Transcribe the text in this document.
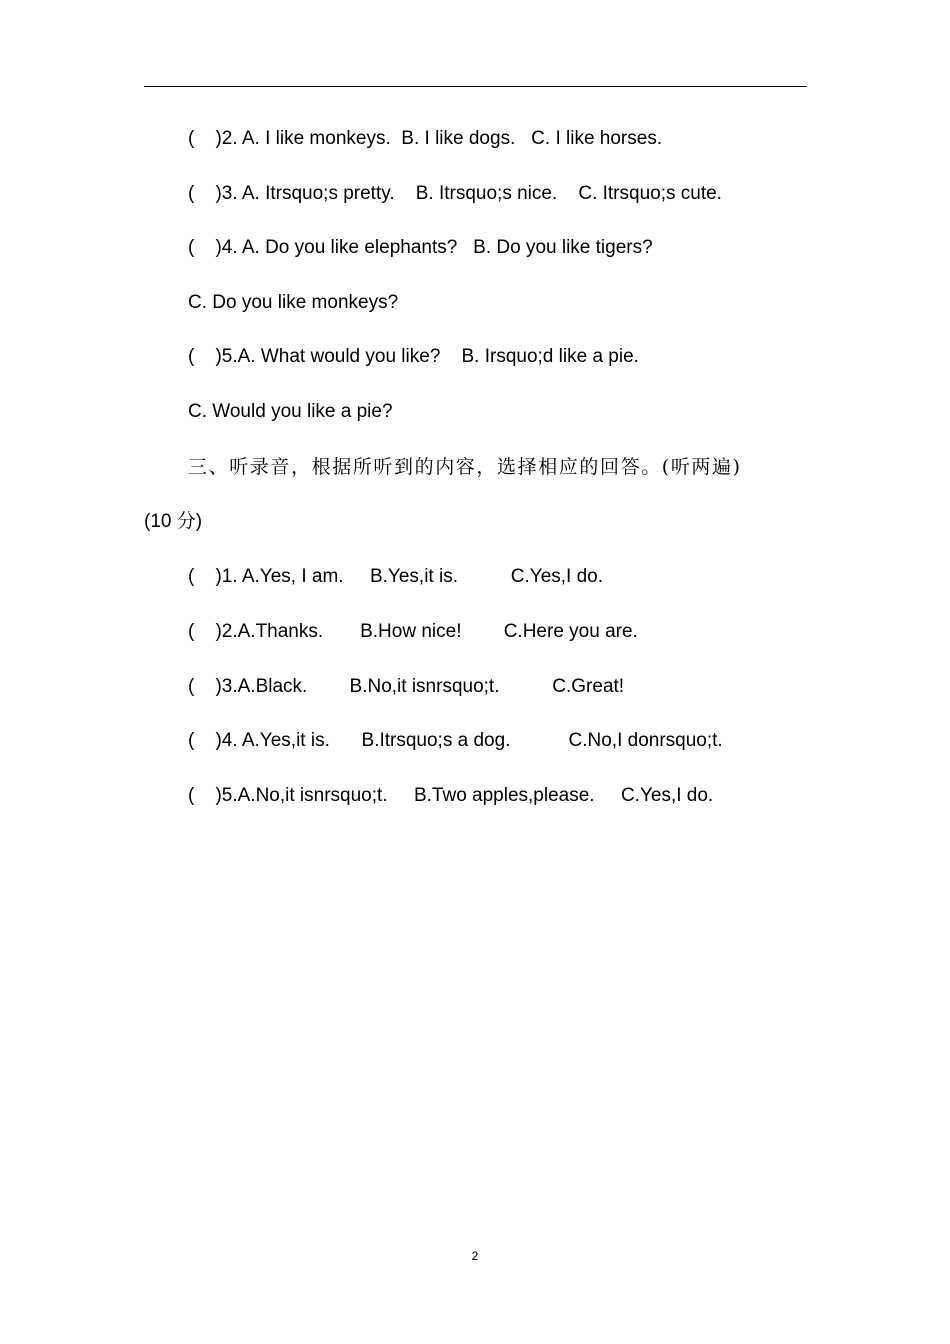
(    )2. A. I like monkeys.  B. I like dogs.   C. I like horses.
(    )3. A. Itrsquo;s pretty.    B. Itrsquo;s nice.    C. Itrsquo;s cute.
(    )4. A. Do you like elephants?   B. Do you like tigers?
C. Do you like monkeys?
(    )5.A. What would you like?    B. Irsquo;d like a pie.
C. Would you like a pie?
三、听录音，根据所听到的内容，选择相应的回答。(听两遍)
(10 分)
(    )1. A.Yes, I am.     B.Yes,it is.          C.Yes,I do.
(    )2.A.Thanks.       B.How nice!        C.Here you are.
(    )3.A.Black.        B.No,it isnrsquo;t.          C.Great!
(    )4. A.Yes,it is.      B.Itrsquo;s a dog.           C.No,I donrsquo;t.
(    )5.A.No,it isnrsquo;t.     B.Two apples,please.     C.Yes,I do.
2
